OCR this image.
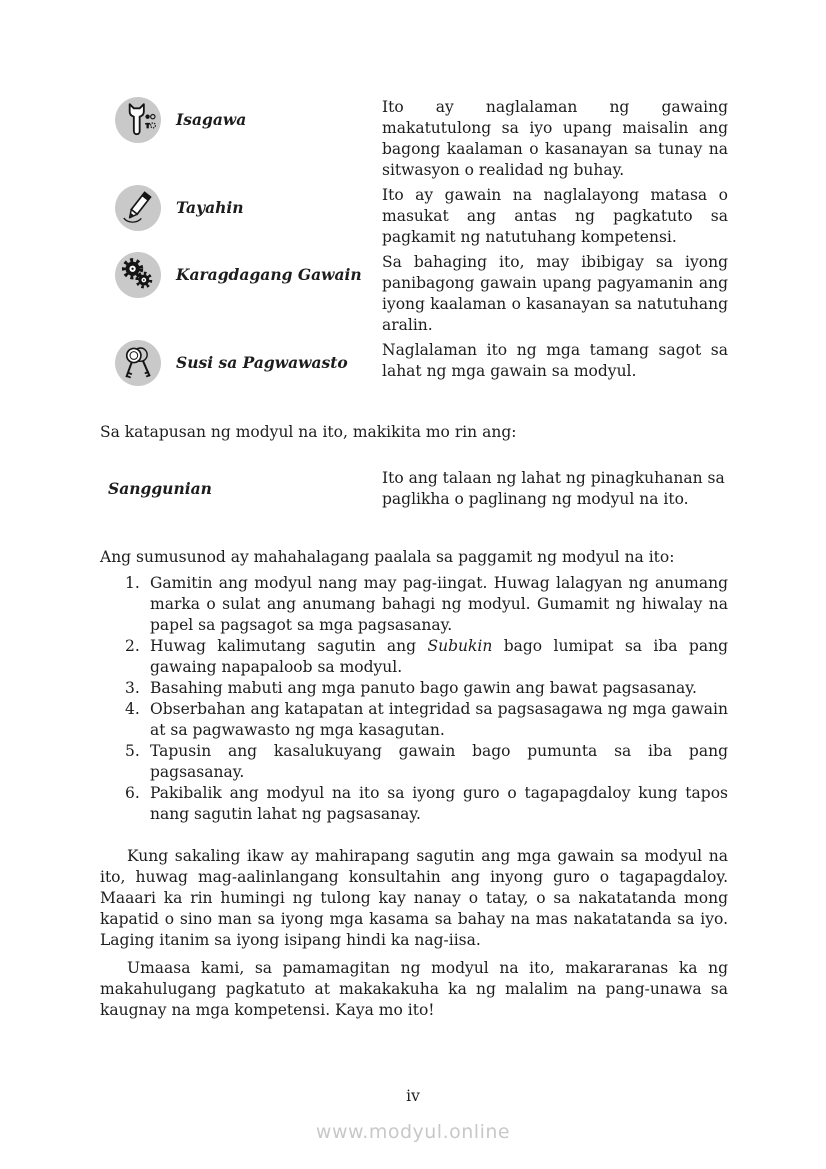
Isagawa
Ito ay naglalaman ng gawaing makatutulong sa iyo upang maisalin ang bagong kaalaman o kasanayan sa tunay na sitwasyon o realidad ng buhay.
Tayahin
Ito ay gawain na naglalayong matasa o masukat ang antas ng pagkatuto sa pagkamit ng natutuhang kompetensi.
Karagdagang Gawain
Sa bahaging ito, may ibibigay sa iyong panibagong gawain upang pagyamanin ang iyong kaalaman o kasanayan sa natutuhang aralin.
Susi sa Pagwawasto
Naglalaman ito ng mga tamang sagot sa lahat ng mga gawain sa modyul.

Sa katapusan ng modyul na ito, makikita mo rin ang:

Sanggunian
Ito ang talaan ng lahat ng pinagkuhanan sa paglikha o paglinang ng modyul na ito.

Ang sumusunod ay mahahalagang paalala sa paggamit ng modyul na ito:

1. Gamitin ang modyul nang may pag-iingat. Huwag lalagyan ng anumang marka o sulat ang anumang bahagi ng modyul. Gumamit ng hiwalay na papel sa pagsagot sa mga pagsasanay.
2. Huwag kalimutang sagutin ang Subukin bago lumipat sa iba pang gawaing napapaloob sa modyul.
3. Basahing mabuti ang mga panuto bago gawin ang bawat pagsasanay.
4. Obserbahan ang katapatan at integridad sa pagsasagawa ng mga gawain at sa pagwawasto ng mga kasagutan.
5. Tapusin ang kasalukuyang gawain bago pumunta sa iba pang pagsasanay.
6. Pakibalik ang modyul na ito sa iyong guro o tagapagdaloy kung tapos nang sagutin lahat ng pagsasanay.

Kung sakaling ikaw ay mahirapang sagutin ang mga gawain sa modyul na ito, huwag mag-aalinlangang konsultahin ang inyong guro o tagapagdaloy. Maaari ka rin humingi ng tulong kay nanay o tatay, o sa nakatatanda mong kapatid o sino man sa iyong mga kasama sa bahay na mas nakatatanda sa iyo. Laging itanim sa iyong isipang hindi ka nag-iisa.

Umaasa kami, sa pamamagitan ng modyul na ito, makararanas ka ng makahulugang pagkatuto at makakakuha ka ng malalim na pang-unawa sa kaugnay na mga kompetensi. Kaya mo ito!

iv
www.modyul.online
